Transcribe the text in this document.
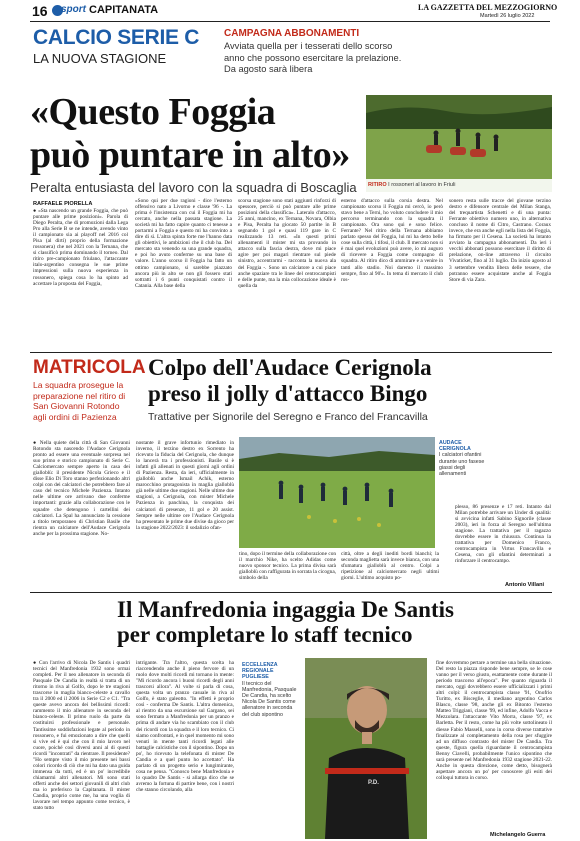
16 sport CAPITANATA	LA GAZZETTA DEL MEZZOGIORNO
Martedì 26 luglio 2022
CALCIO SERIE C
LA NUOVA STAGIONE
CAMPAGNA ABBONAMENTI
Avviata quella per i tesserati dello scorso anno che possono esercitare la prelazione. Da agosto sarà libera
«Questo Foggia
può puntare in alto»
Peralta entusiasta del lavoro con la squadra di Boscaglia RITIRO I rossoneri al lavoro in Friuli
RAFFAELE PIORELLA
● «Sta nascendo un grande Foggia, che può puntare alle prime posizioni». Parola di Diego Peralta, che di promozioni dalla Lega Pro alla Serie B se ne intende, avendo vinto il campionato sia ai playoff nel 2016 col Pisa (al dirti) proprio della formazione rossonera) che nel 2021 con la Ternana, che si classificò prima dominando il torneo. Dal ritiro pre-campionato friulano, l'attaccante italo-argentino consegna le sue prime impressioni sulla nuova esperienza in rossonero, spiega cosa lo ha spinto ad accettare la proposta del Foggia,
«Sono qui per due ragioni - dice l'esterno offensivo nato a Livorno e classe '96 -. La prima è l'insistenza con cui il Foggia mi ha cercato, anche nella passata stagione. La società mi ha fatto capire quanto ci tenesse a portarmi a Foggia e questo mi ha convinto a dire di sì. L'altra spinta forte me l'hanno data gli obiettivi, le ambizioni che il club ha. Del mercato sta venendo su una grande squadra, e poi ho avuto conferme su una base di valore. L'anno scorso il Foggia ha fatto un ottimo campionato, si sarebbe piazzato ancora più in alto se non gli fossero stati sottratti i 6 punti conquistati contro il Catania. Alla base della
scorsa stagione sono stati aggiunti rinforzi di spessore, perciò si può puntare alle prime posizioni della classifica». Lateralo d'attacco, 25 anni, mancino, ex Ternana, Novara, Olbia e Pisa, Peralta ha giocato 50 partite in B segnando 1 gol e quasi 119 gare in C realizzando 13 reti. «In questi primi allenamenti il mister mi sta provando in attacco sulla fascia destra, dove mi piace agire per poi magari rientrare sul piede sinistro, accentrarmi - racconta la nuova ala del Foggia -. Sono un calciatore a cui piace anche spaziare tra le linee del centrocampisti e delle punte, ma la mia collocazione ideale è quella da
esterno d'attacco sulla corsia destra. Nel campionato scorso il Foggia mi cercò, io però stavo bene a Terni, ho voluto concludere il mio percorso terminando con la squadra il campionato. Ora sono qui e sono felice. Ferrante? Nel ritiro della Ternana abbiamo parlato spesso del Foggia, lui mi ha detto belle cose sulla città, i tifosi, il club. Il mercato non si è mai quel evoluzioni può avere, io mi auguro di ricevere a Foggia come compagno di squadra. Al ritiro dico di ammirare e a venire in tanti allo stadio. Noi daremo il massimo sempre, fino al 90'». In tema di mercato il club ros-
sonero resta sulle tracce del giovane terzino destro e difensore centrale del Milan Stanga, del trequartista Schenetti e di una punta: Ferrante obiettivo numero uno, in alternativa concluso il nome di Citro, Castrano. Coraux invece, che era anche egli nella lista del Foggia, ha firmato per il Cesena. La società ha intanto avviato la campagna abbonamenti. Da ieri i vecchi abbonati possono esercitare il diritto di prelazione, on-line attraverso il circuito Vivaticket, fino al 31 luglio. Da inizio agosto al 3 settembre vendita libera delle tessere, che potranno essere acquistate anche al Foggia Store di via Zara.
MATRICOLA
La squadra prosegue la preparazione nel ritiro di San Giovanni Rotondo agli ordini di Pazienza
Colpo dell'Audace Cerignola
preso il jolly d'attacco Bingo
Trattative per Signorile del Seregno e Franco del Francavilla
● Nella quiete della città di San Giovanni Rotondo sta nascendo l'Audace Cerignola pronto ad essere una eventuale sorpresa nel suo primo e storico campionato di Serie C. Calciomercato sempre aperto in casa dei gialloblù: il presidente Nicola Grieco e il disse Elio Di Toro stanno perfezionando altri colpi con dei calciatori che potrebbero fare al caso del tecnico Michele Pazienza. Intanto nelle ultime ore arrivano due conferme importanti: grazie alla collaborazione con le squadre che detengono i cartellini dei calciatori. La Spal ha annunciato la cessione a titolo temporaneo di Christian Basile che rientra un calciatore dell'Audace Cerignola anche per la prossima stagione. No-
nostante il grave infortunio rimediato in inverno, il terzino destro ex Sorrento ha ricevuto la fiducia del Cerignola, che dunque lo lancerà tra i professionisti. Basile si è infatti gli allenati in questi giorni agli ordini di Pazienza. Resta, da ieri, ufficialmente in gialloblù anche Ismail Achik, esterno marocchino protagonista in maglia gialloblù già nelle ultime due stagioni. Nelle ultime due stagioni, a Cerignola, con mister Michele Pazienza in panchina, la conquista dei calciatori di presenze, 11 gol e 20 assist. Sempre nelle ultime ore l'Audace Cerignola ha presentato le prime due divise da gioco per la stagione 2022/2023: il sodalizio ofan-
AUDACE CERIGNOLA
I calciatori ofantini durante uno fasese giassi degli allenamenti
tino, dopo il termine della collaborazione con il marchio Nike, ha scelto Adidas come nuovo sponsor tecnico. La prima divisa sarà gialloblù con raffigurata in sorrata la cicogna, simbolo della
città, oltre a degli inediti bordi bianchi; la seconda maglietta sarà invece bianca, con una sfumatura gialloblù al centro. Colpi a ripetizione al calciomercato negli ultimi giorni. L'ultimo acquisto po-
plesso, 86 presenze e 17 reti. Intanto dal Milan potrebbe arrivare un Under di qualità: si avvicina infatti Sabino Signorile (classe 2003), ieri in forza al Seregno nell'ultima stagione. La trattativa per il ragazzo dovrebbe essere in chiusura. Continua la trattativa per Domenico Franco, centrocampista in Virtus Francavilla e Cesena, con gli ofantini determinati a rinforzare il centrocampo.
Antonio Villani
Il Manfredonia ingaggia De Santis
per completare lo staff tecnico
● Con l'arrivo di Nicola De Santis i quadri tecnici del Manfredonia 1932 sono ormai completi. Per il neo allenatore in seconda di Pasquale De Candia in realtà si tratta di un ritorno in riva al Golfo, dopo le tre stagioni trascorse in maglia bianco-celeste a cavallo tra il 2000 ed il 2006 in Serie C2 e C1. "Tra queste avevo ancora dei bellissimi ricordi: rammento il mio allenatore in seconda del bianco-celeste. Il primo ruolo da parte da costituirsi professionale e personale. Tantissime soddisfazioni legate al periodo in rossonero, e fui emozionato a dire che quelli si vive ed è qui che con il mio lavoro nel cuore, poiché così diversi anni al di questi ricordi "incontrati" da rientrare. Il presidente? "Ho sempre visto il mio presente nei bassi colori ricordo di ciò che mi ha dato una guida immensa da tutti, ed è un po' incredibile chiamarmi altri allenatori. Mi sono stati offerti anche dei settori giovanili di altri club ma io preferisco la Capitanata. Il mister Candia, proprio come me, ha una voglia di lavorare nel tempo appunto come tecnico, è stato tutto
intrigante. Tra l'altro, questa scelta ha riaccendendo anche il pieno fervore di un ruolo dove molti ricordi mi tornano in mente: "Mi ricordo ancora i buoni ricordi degli anni trascorsi allora". Al volte si parla di cosa, questa volta un pranzo casuale in riva al Golfo, è stato galeotto. "In effetti è proprio così - conferma De Santis. L'altra domenica, al rientro da una escursione sul Gargano, sei sono fermato a Manfredonia per un pranzo e prima di andare via ho scambiato con il club dei ricordi con la squadra e il loro tecnico. Ci siamo confrontati, e in quel momento mi sono venuti in mente tanti ricordi legati alle battaglie calcistiche con il sipontino. Dopo un po', ho ricevuto la telefonata di mister De Candia e a quel punto ho accettato". Ha parlato di un progetto serio e lungimirante, cosa ne pensa. "Conosco bene Manfredonia e lo quadro De Santis - si allarga dico che se avremo la fortuna di partire bene, con i nostri che stanno circolando, alla
ECCELLENZA REGIONALE PUGLIESE
Il tecnico del Manfredonia, Pasquale De Candia, ha scelto Nicola De Santis come allenatore in seconda del club sipontino
P.D.
fine dovremmo pertare a termine una bella situazione. Del resto la piazza risponde bene sempre, se le cose vanno per il verso giusto, esattamente come durante il periodo trascorso all'epoca". Per quanto riguarda il mercato, oggi dovrebbero essere ufficializzati i primi altri colpi: il centrocampista classe '91, Onofrio Turitto, ex Bisceglie, il mediano argentino Carlos Blasco, classe '98, anche gli ex Bitonto l'esterno Matteo Triggiani, classe '99, ed infine, Adolfo Vacca e Mezzolara. l'attaccante Vito Morra, classe '97, ex Barletta. Per il resto, come ha più volte sottolineato il diesse Fabio Masselli, sono in corso diverse trattative finalizzate al completamento della rosa per sfuggire ad un diffuso contrasto del mister De Candia. Tra queste, figura quella riguardante il centrocampista Benny Ciavelli, probabilmente l'unico sipontino che sarà presente nel Manfredonia 1932 stagione 2021-22. Anche in questa direzione, come detto, bisognerà aspettare ancora un po' per conoscere gli esiti dei colloqui tuttora in corso.
Michelangelo Guerra
